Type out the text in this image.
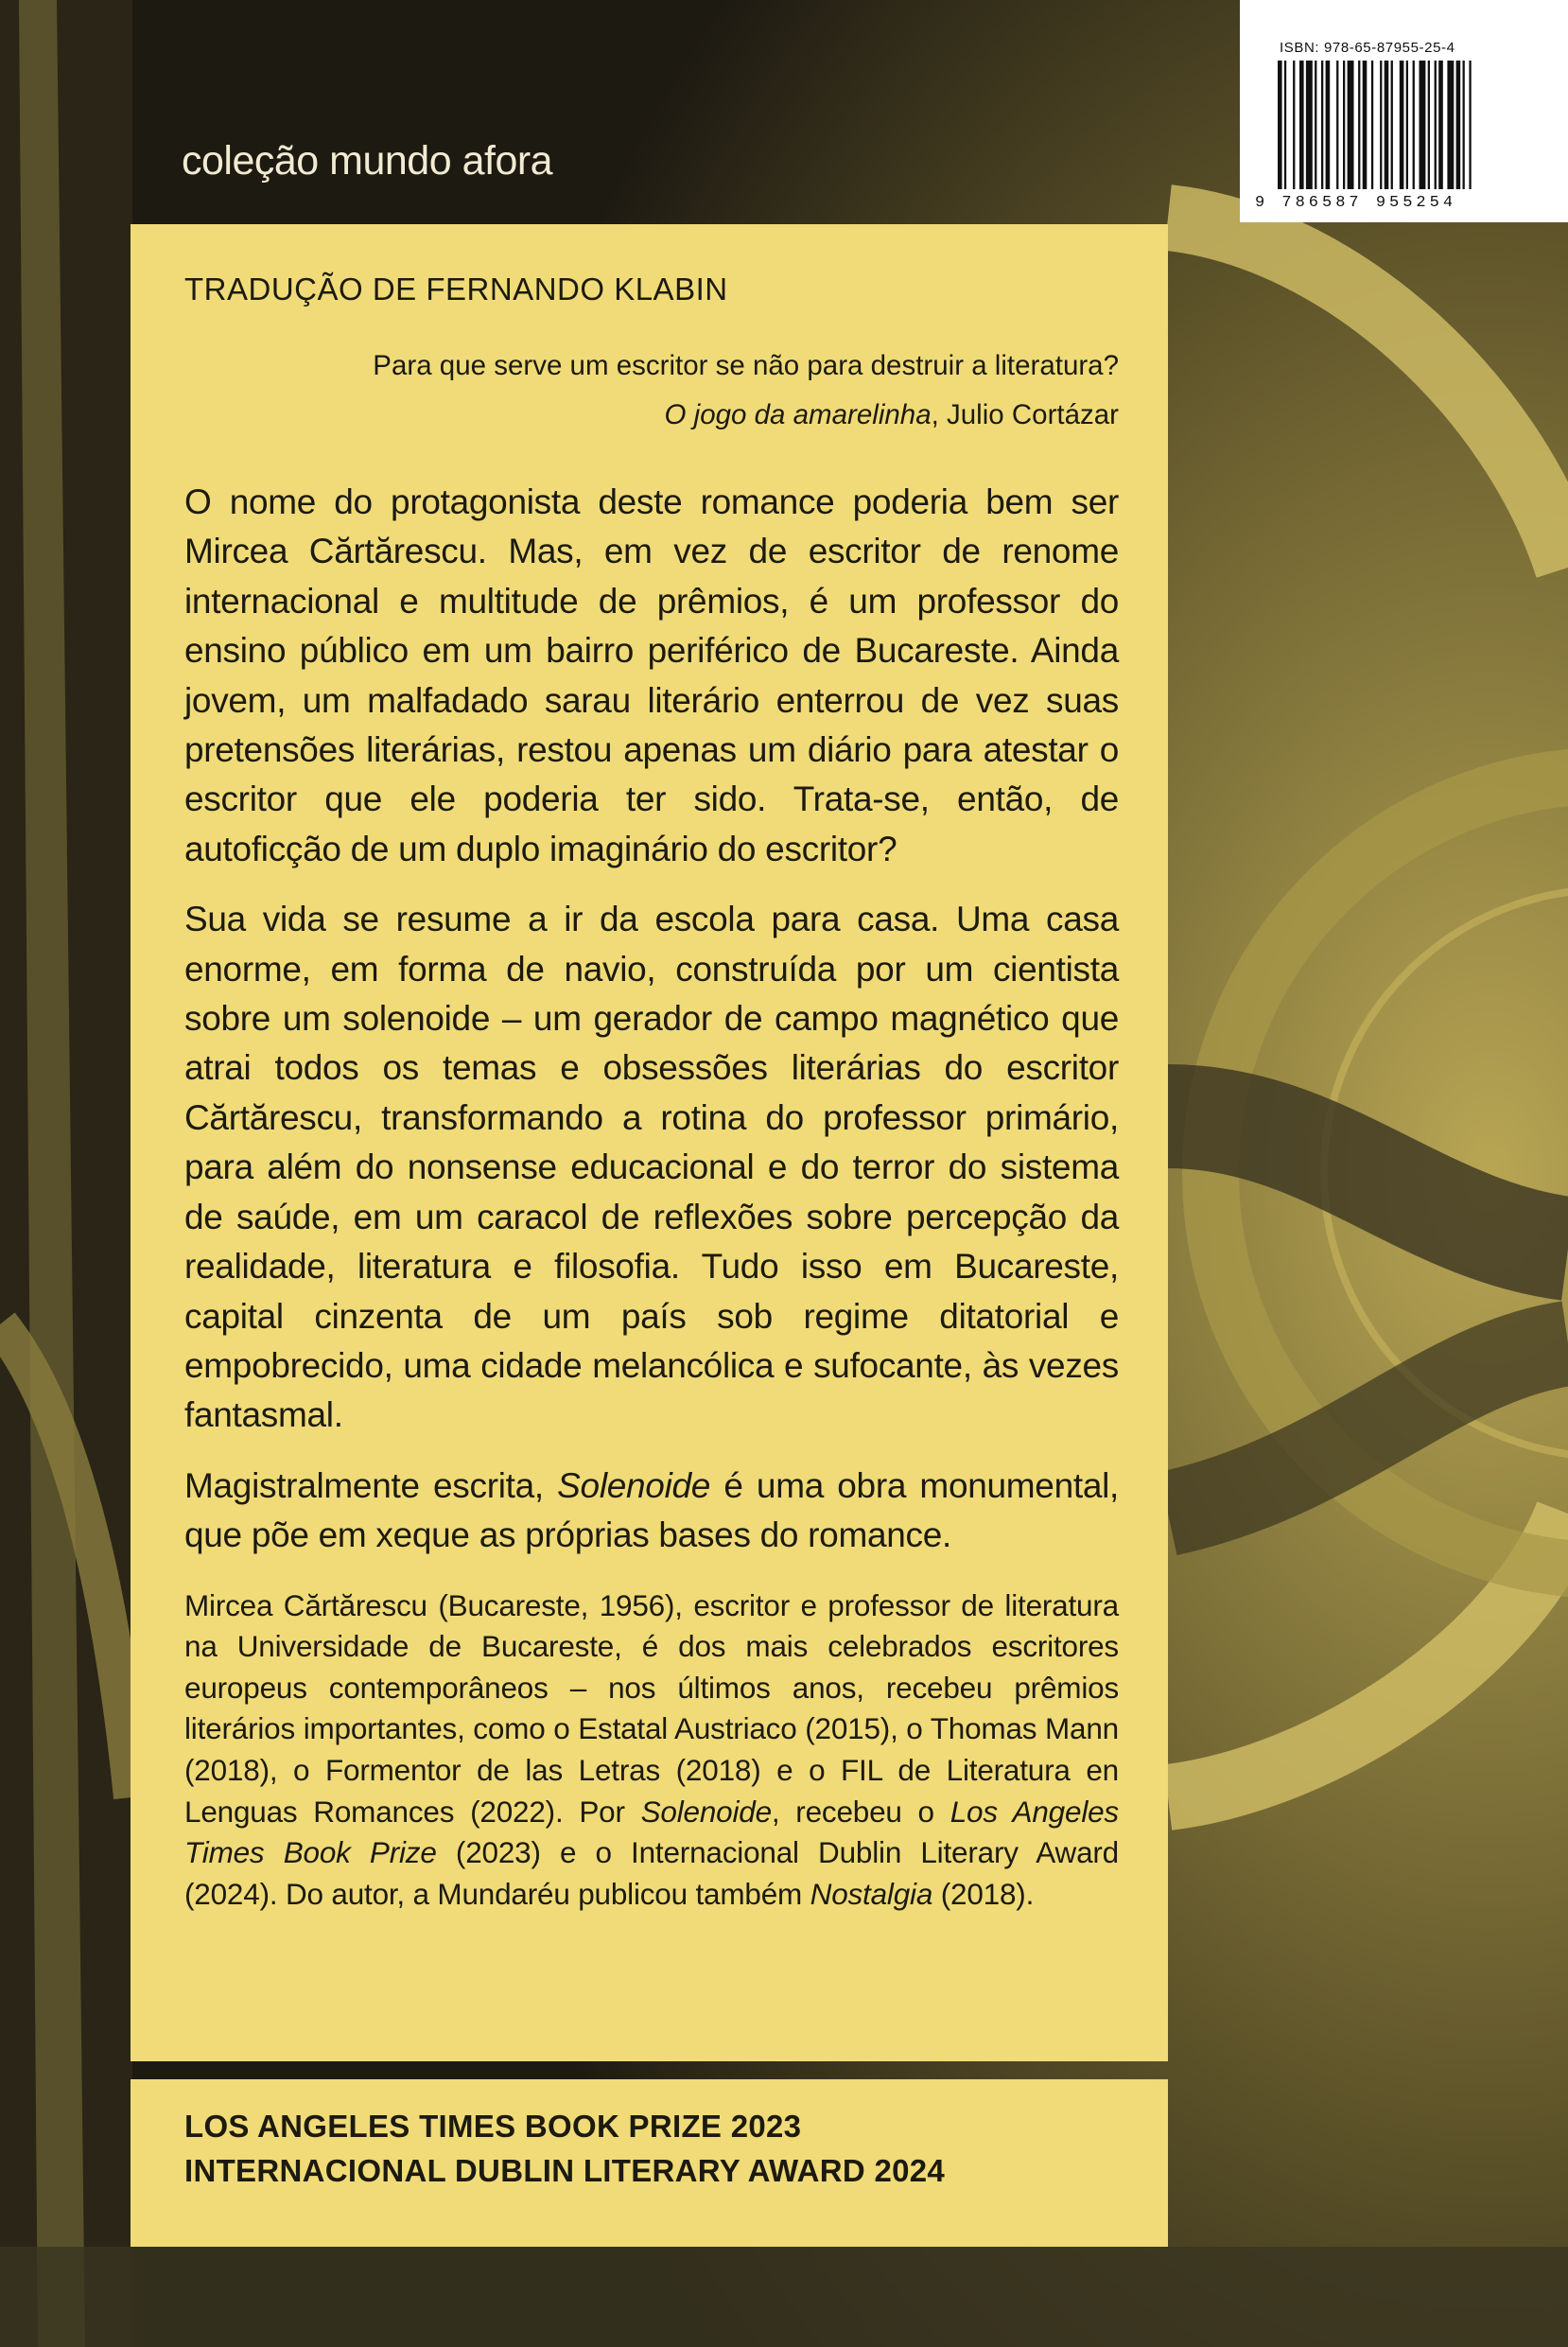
coleção mundo afora

ISBN: 978-65-87955-25-4

9 786587 955254

TRADUÇÃO DE FERNANDO KLABIN

Para que serve um escritor se não para destruir a literatura?

O jogo da amarelinha, Julio Cortázar

O nome do protagonista deste romance poderia bem ser Mircea Cărtărescu. Mas, em vez de escritor de renome internacional e multitude de prêmios, é um professor do ensino público em um bairro periférico de Bucareste. Ainda jovem, um malfadado sarau literário enterrou de vez suas pretensões literárias, restou apenas um diário para atestar o escritor que ele poderia ter sido. Trata-se, então, de autoficção de um duplo imaginário do escritor?

Sua vida se resume a ir da escola para casa. Uma casa enorme, em forma de navio, construída por um cientista sobre um solenoide – um gerador de campo magnético que atrai todos os temas e obsessões literárias do escritor Cărtărescu, transformando a rotina do professor primário, para além do nonsense educacional e do terror do sistema de saúde, em um caracol de reflexões sobre percepção da realidade, literatura e filosofia. Tudo isso em Bucareste, capital cinzenta de um país sob regime ditatorial e empobrecido, uma cidade melancólica e sufocante, às vezes fantasmal.

Magistralmente escrita, Solenoide é uma obra monumental, que põe em xeque as próprias bases do romance.

Mircea Cărtărescu (Bucareste, 1956), escritor e professor de literatura na Universidade de Bucareste, é dos mais celebrados escritores europeus contemporâneos – nos últimos anos, recebeu prêmios literários importantes, como o Estatal Austriaco (2015), o Thomas Mann (2018), o Formentor de las Letras (2018) e o FIL de Literatura en Lenguas Romances (2022). Por Solenoide, recebeu o Los Angeles Times Book Prize (2023) e o Internacional Dublin Literary Award (2024). Do autor, a Mundaréu publicou também Nostalgia (2018).

LOS ANGELES TIMES BOOK PRIZE 2023

INTERNACIONAL DUBLIN LITERARY AWARD 2024
